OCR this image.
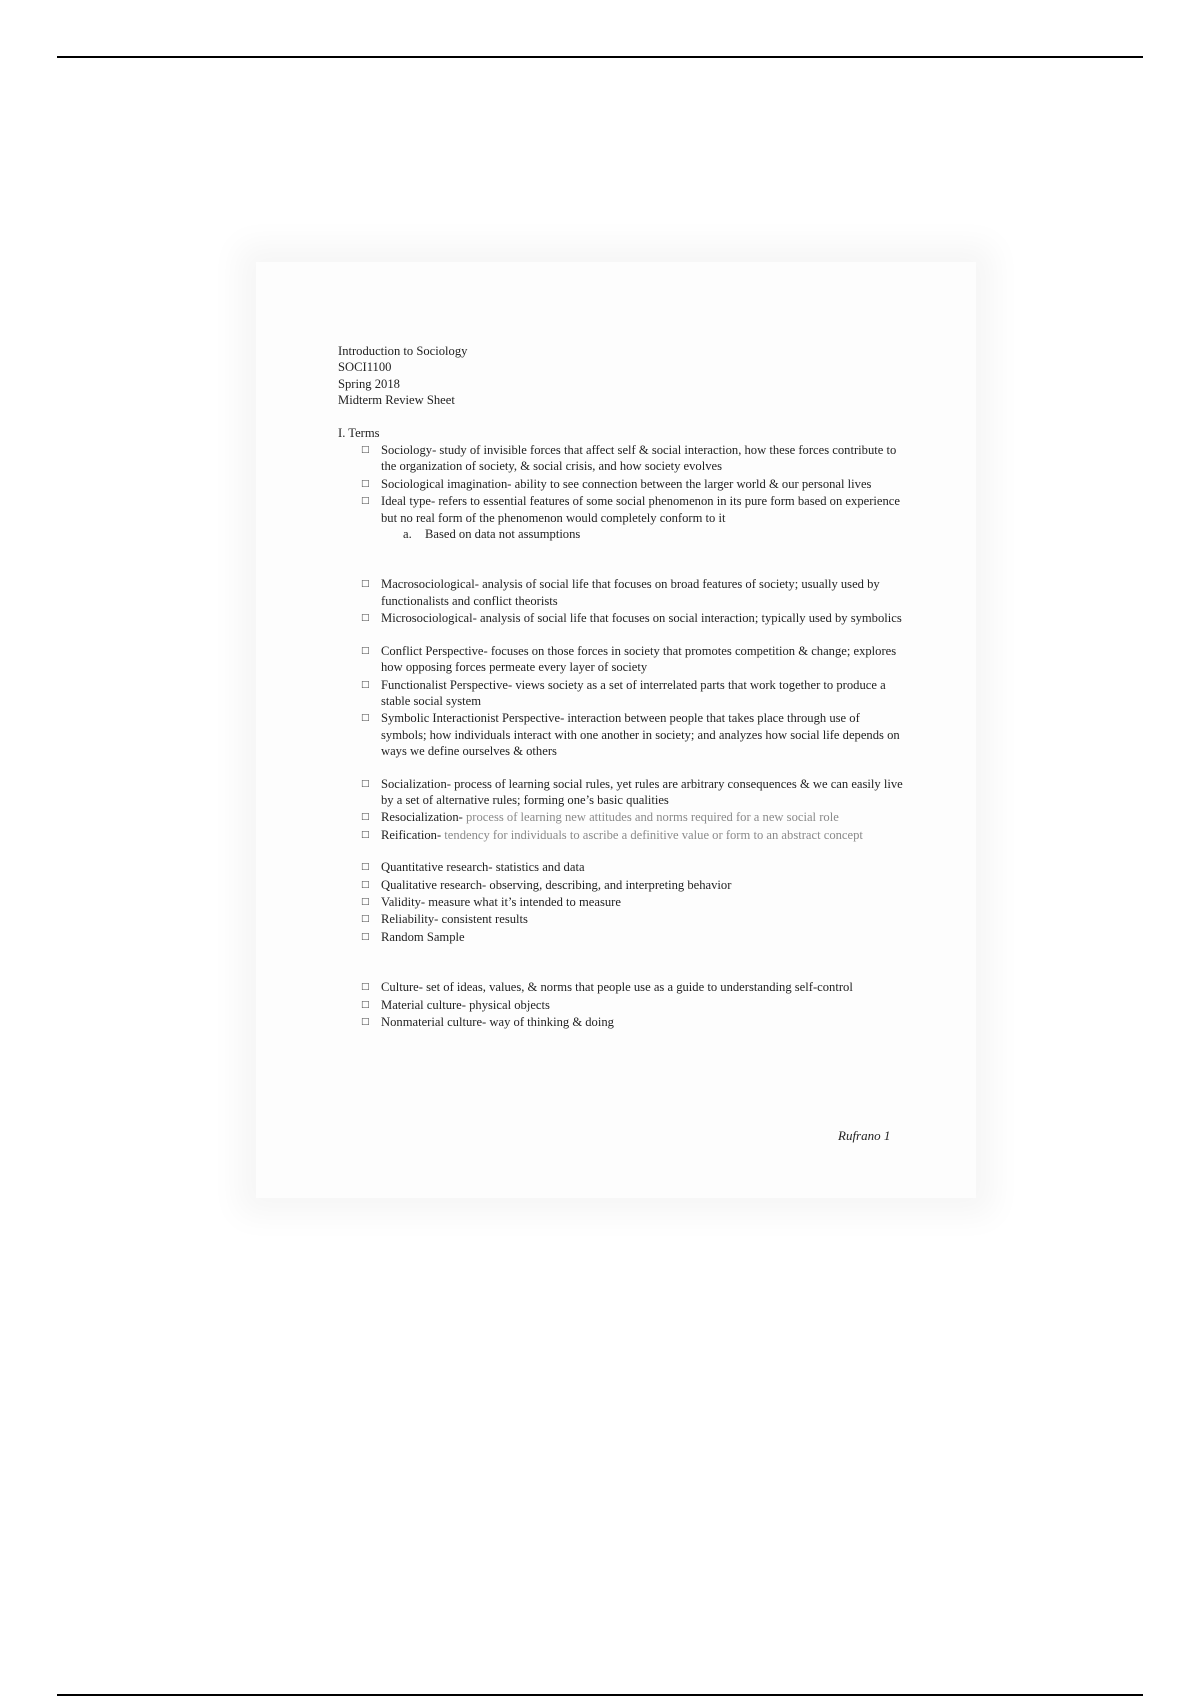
Introduction to Sociology

SOCI1100

Spring 2018

Midterm Review Sheet

I. Terms

□ Sociology- study of invisible forces that affect self & social interaction, how these forces contribute to the organization of society, & social crisis, and how society evolves
□ Sociological imagination- ability to see connection between the larger world & our personal lives
□ Ideal type- refers to essential features of some social phenomenon in its pure form based on experience but no real form of the phenomenon would completely conform to it
a. Based on data not assumptions
□ Macrosociological- analysis of social life that focuses on broad features of society; usually used by functionalists and conflict theorists
□ Microsociological- analysis of social life that focuses on social interaction; typically used by symbolics
□ Conflict Perspective- focuses on those forces in society that promotes competition & change; explores how opposing forces permeate every layer of society
□ Functionalist Perspective- views society as a set of interrelated parts that work together to produce a stable social system
□ Symbolic Interactionist Perspective- interaction between people that takes place through use of symbols; how individuals interact with one another in society; and analyzes how social life depends on ways we define ourselves & others
□ Socialization- process of learning social rules, yet rules are arbitrary consequences & we can easily live by a set of alternative rules; forming one’s basic qualities
□ Resocialization- process of learning new attitudes and norms required for a new social role
□ Reification- tendency for individuals to ascribe a definitive value or form to an abstract concept
□ Quantitative research- statistics and data
□ Qualitative research- observing, describing, and interpreting behavior
□ Validity- measure what it’s intended to measure
□ Reliability- consistent results
□ Random Sample
□ Culture- set of ideas, values, & norms that people use as a guide to understanding self-control
□ Material culture- physical objects
□ Nonmaterial culture- way of thinking & doing
Rufrano 1
